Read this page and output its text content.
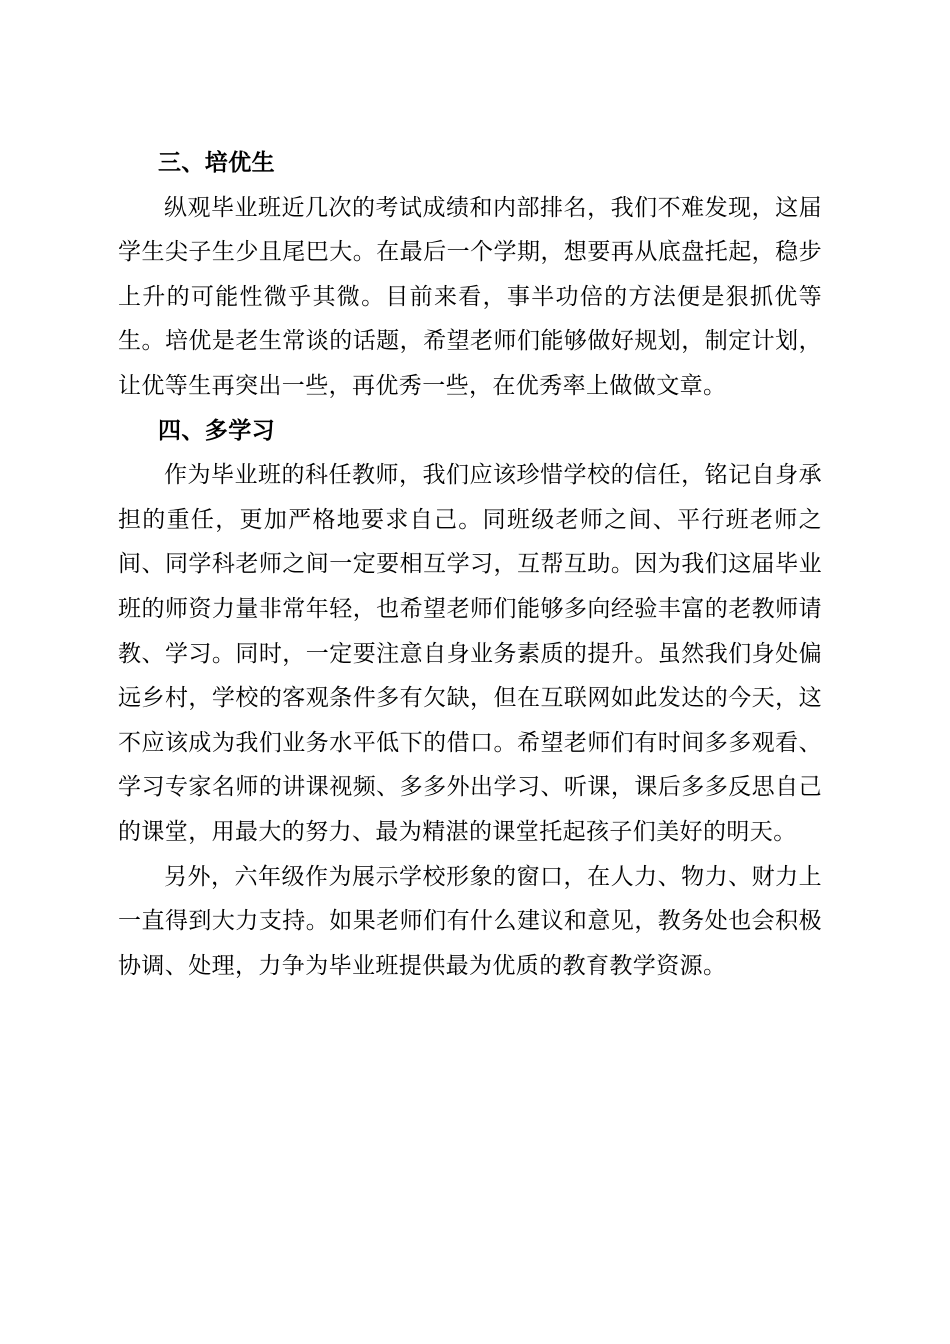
三、培优生

纵观毕业班近几次的考试成绩和内部排名，我们不难发现，这届学生尖子生少且尾巴大。在最后一个学期，想要再从底盘托起，稳步上升的可能性微乎其微。目前来看，事半功倍的方法便是狠抓优等生。培优是老生常谈的话题，希望老师们能够做好规划，制定计划，让优等生再突出一些，再优秀一些，在优秀率上做做文章。

四、多学习

作为毕业班的科任教师，我们应该珍惜学校的信任，铭记自身承担的重任，更加严格地要求自己。同班级老师之间、平行班老师之间、同学科老师之间一定要相互学习，互帮互助。因为我们这届毕业班的师资力量非常年轻，也希望老师们能够多向经验丰富的老教师请教、学习。同时，一定要注意自身业务素质的提升。虽然我们身处偏远乡村，学校的客观条件多有欠缺，但在互联网如此发达的今天，这不应该成为我们业务水平低下的借口。希望老师们有时间多多观看、学习专家名师的讲课视频、多多外出学习、听课，课后多多反思自己的课堂，用最大的努力、最为精湛的课堂托起孩子们美好的明天。

另外，六年级作为展示学校形象的窗口，在人力、物力、财力上一直得到大力支持。如果老师们有什么建议和意见，教务处也会积极协调、处理，力争为毕业班提供最为优质的教育教学资源。
